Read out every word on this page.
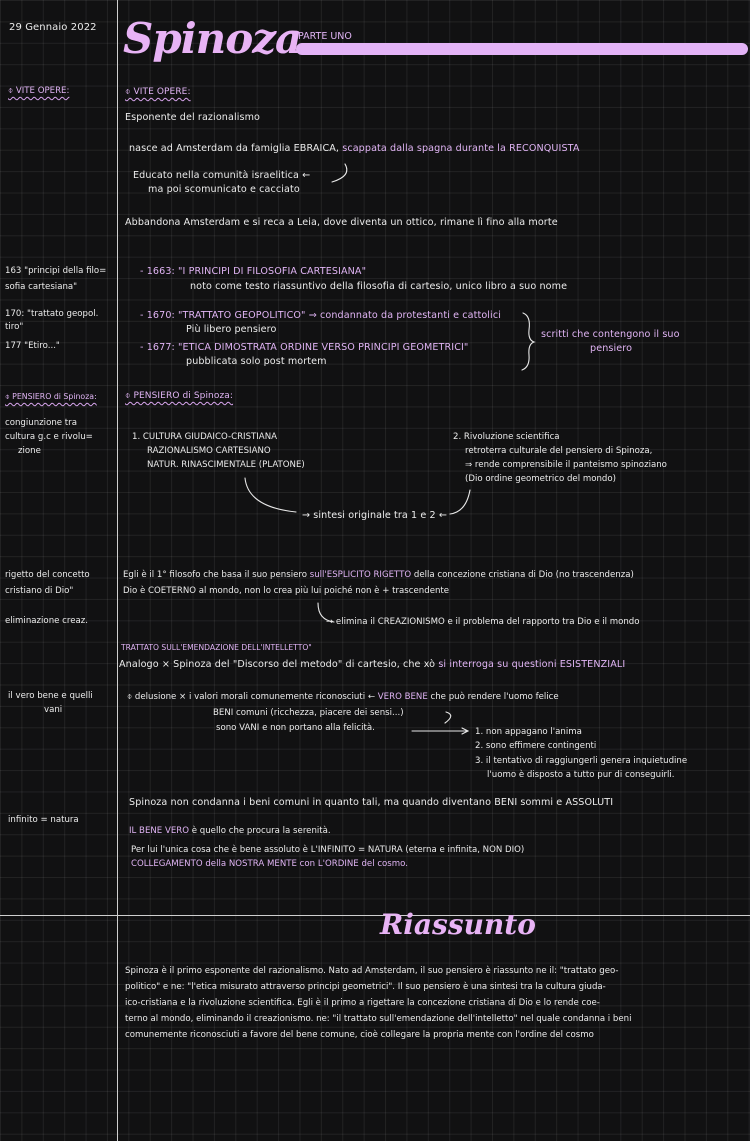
29 Gennaio 2022 Spinoza
PARTE UNO
⌽ VITE OPERE:
163 "principi della filo=
sofia cartesiana"
170: "trattato geopol.
tiro"
177 "Etiro..."
⌽ PENSIERO di Spinoza:
congiunzione tra
cultura g.c e rivolu=
zione
rigetto del concetto
cristiano di Dio"
eliminazione creaz.
il vero bene e quelli
vani
infinito = natura
⌽ VITE OPERE:
Esponente del razionalismo
nasce ad Amsterdam da famiglia EBRAICA, scappata dalla spagna durante la RECONQUISTA
Educato nella comunità israelitica ←
ma poi scomunicato e cacciato
Abbandona Amsterdam e si reca a Leia, dove diventa un ottico, rimane lì fino alla morte
- 1663: "I PRINCIPI DI FILOSOFIA CARTESIANA"
noto come testo riassuntivo della filosofia di cartesio, unico libro a suo nome
- 1670: "TRATTATO GEOPOLITICO" ⇒ condannato da protestanti e cattolici
Più libero pensiero
- 1677: "ETICA DIMOSTRATA ORDINE VERSO PRINCIPI GEOMETRICI"
pubblicata solo post mortem
scritti che contengono il suo
pensiero
⌽ PENSIERO di Spinoza:
1. CULTURA GIUDAICO-CRISTIANA
RAZIONALISMO CARTESIANO
NATUR. RINASCIMENTALE (PLATONE)
2. Rivoluzione scientifica
retroterra culturale del pensiero di Spinoza,
⇒ rende comprensibile il panteismo spinoziano
(Dio ordine geometrico del mondo)
→ sintesi originale tra 1 e 2 ←
Egli è il 1° filosofo che basa il suo pensiero sull'ESPLICITO RIGETTO della concezione cristiana di Dio (no trascendenza)
Dio è COETERNO al mondo, non lo crea più lui poiché non è + trascendente
→ elimina il CREAZIONISMO e il problema del rapporto tra Dio e il mondo
TRATTATO SULL'EMENDAZIONE DELL'INTELLETTO"
Analogo × Spinoza del "Discorso del metodo" di cartesio, che xò si interroga su questioni ESISTENZIALI
⌽ delusione × i valori morali comunemente riconosciuti ← VERO BENE che può rendere l'uomo felice
BENI comuni (ricchezza, piacere dei sensi...)
sono VANI e non portano alla felicità.	1. non appagano l'anima
2. sono effimere contingenti
3. il tentativo di raggiungerli genera inquietudine
l'uomo è disposto a tutto pur di conseguirli.
Spinoza non condanna i beni comuni in quanto tali, ma quando diventano BENI sommi e ASSOLUTI
IL BENE VERO è quello che procura la serenità.
Per lui l'unica cosa che è bene assoluto è L'INFINITO = NATURA (eterna e infinita, NON DIO)
COLLEGAMENTO della NOSTRA MENTE con L'ORDINE del cosmo.
Riassunto
Spinoza è il primo esponente del razionalismo. Nato ad Amsterdam, il suo pensiero è riassunto ne il: "trattato geo-
politico" e ne: "l'etica misurato attraverso principi geometrici". Il suo pensiero è una sintesi tra la cultura giuda-
ico-cristiana e la rivoluzione scientifica. Egli è il primo a rigettare la concezione cristiana di Dio e lo rende coe-
terno al mondo, eliminando il creazionismo. ne: "il trattato sull'emendazione dell'intelletto" nel quale condanna i beni
comunemente riconosciuti a favore del bene comune, cioè collegare la propria mente con l'ordine del cosmo
